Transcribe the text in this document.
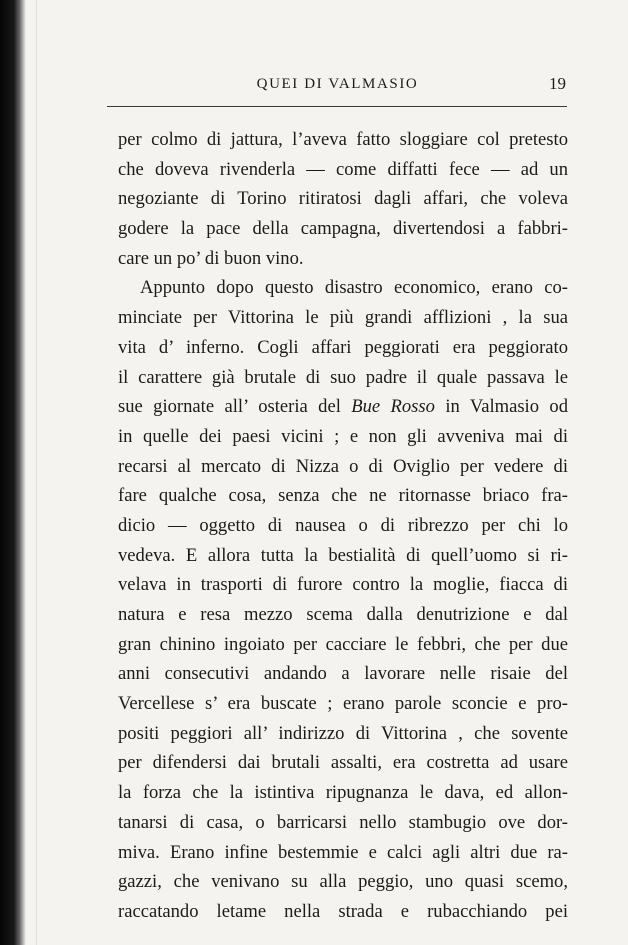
QUEI DI VALMASIO	19
per colmo di jattura, l’aveva fatto sloggiare col pretesto
che doveva rivenderla — come diffatti fece — ad un
negoziante di Torino ritiratosi dagli affari, che voleva
godere la pace della campagna, divertendosi a fabbri-
care un po’ di buon vino.
Appunto dopo questo disastro economico, erano co-
minciate per Vittorina le più grandi afflizioni , la sua
vita d’ inferno. Cogli affari peggiorati era peggiorato
il carattere già brutale di suo padre il quale passava le
sue giornate all’ osteria del Bue Rosso in Valmasio od
in quelle dei paesi vicini ; e non gli avveniva mai di
recarsi al mercato di Nizza o di Oviglio per vedere di
fare qualche cosa, senza che ne ritornasse briaco fra-
dicio — oggetto di nausea o di ribrezzo per chi lo
vedeva. E allora tutta la bestialità di quell’uomo si ri-
velava in trasporti di furore contro la moglie, fiacca di
natura e resa mezzo scema dalla denutrizione e dal
gran chinino ingoiato per cacciare le febbri, che per due
anni consecutivi andando a lavorare nelle risaie del
Vercellese s’ era buscate ; erano parole sconcie e pro-
positi peggiori all’ indirizzo di Vittorina , che sovente
per difendersi dai brutali assalti, era costretta ad usare
la forza che la istintiva ripugnanza le dava, ed allon-
tanarsi di casa, o barricarsi nello stambugio ove dor-
miva. Erano infine bestemmie e calci agli altri due ra-
gazzi, che venivano su alla peggio, uno quasi scemo,
raccatando letame nella strada e rubacchiando pei
